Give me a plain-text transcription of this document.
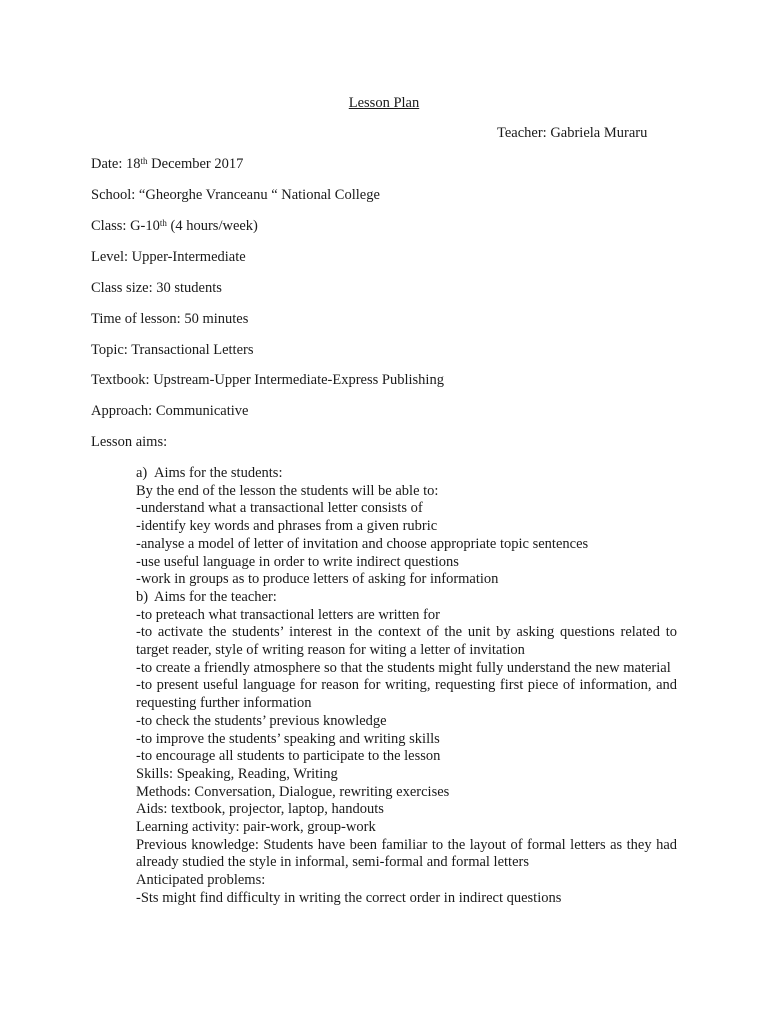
Lesson Plan
Teacher: Gabriela Muraru
Date: 18th December 2017
School: “Gheorghe Vranceanu “ National College
Class: G-10th (4 hours/week)
Level: Upper-Intermediate
Class size: 30 students
Time of lesson: 50 minutes
Topic: Transactional Letters
Textbook: Upstream-Upper Intermediate-Express Publishing
Approach: Communicative
Lesson aims:
a) Aims for the students:
By the end of the lesson the students will be able to:
-understand what a transactional letter consists of
-identify key words and phrases from a given rubric
-analyse a model of letter of invitation and choose appropriate topic sentences
-use useful language in order to write indirect questions
-work in groups as to produce letters of asking for information
b) Aims for the teacher:
-to preteach what transactional letters are written for
-to activate the students’ interest in the context of the unit by asking questions related to target reader, style of writing reason for witing a letter of invitation
-to create a friendly atmosphere so that the students might fully understand the new material
-to present useful language for reason for writing, requesting first piece of information, and requesting further information
-to check the students’ previous knowledge
-to improve the students’ speaking and writing skills
-to encourage all students to participate to the lesson
Skills: Speaking, Reading, Writing
Methods: Conversation, Dialogue, rewriting exercises
Aids: textbook, projector, laptop, handouts
Learning activity: pair-work, group-work
Previous knowledge: Students have been familiar to the layout of formal letters as they had already studied the style in informal, semi-formal and formal letters
Anticipated problems:
-Sts might find difficulty in writing the correct order in indirect questions
